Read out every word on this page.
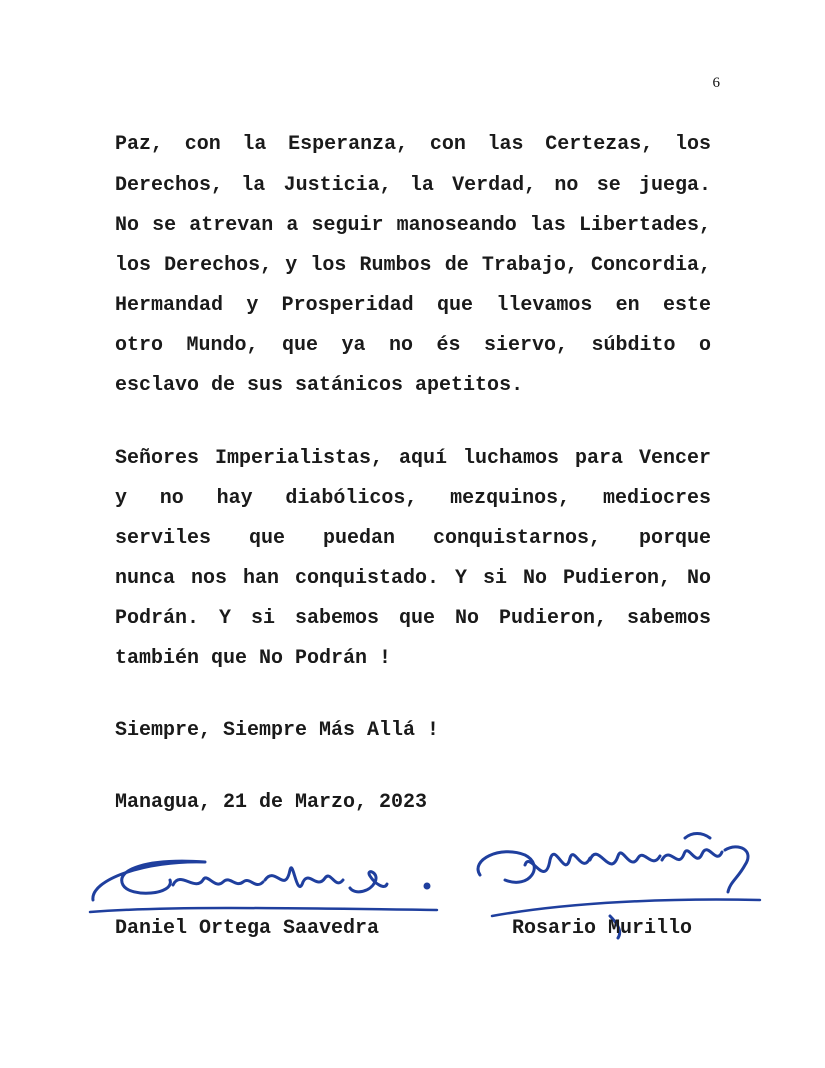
6
Paz, con la Esperanza, con las Certezas, los
Derechos, la Justicia, la Verdad, no se juega.
No se atrevan a seguir manoseando las Libertades,
los Derechos, y los Rumbos de Trabajo, Concordia,
Hermandad y Prosperidad que llevamos en este
otro Mundo, que ya no és siervo, súbdito o
esclavo de sus satánicos apetitos.
Señores Imperialistas, aquí luchamos para Vencer
y no hay diabólicos, mezquinos, mediocres
serviles que puedan conquistarnos, porque
nunca nos han conquistado. Y si No Pudieron, No
Podrán. Y si sabemos que No Pudieron, sabemos
también que No Podrán !
Siempre, Siempre Más Allá !
Managua, 21 de Marzo, 2023
Daniel Ortega Saavedra	Rosario Murillo
